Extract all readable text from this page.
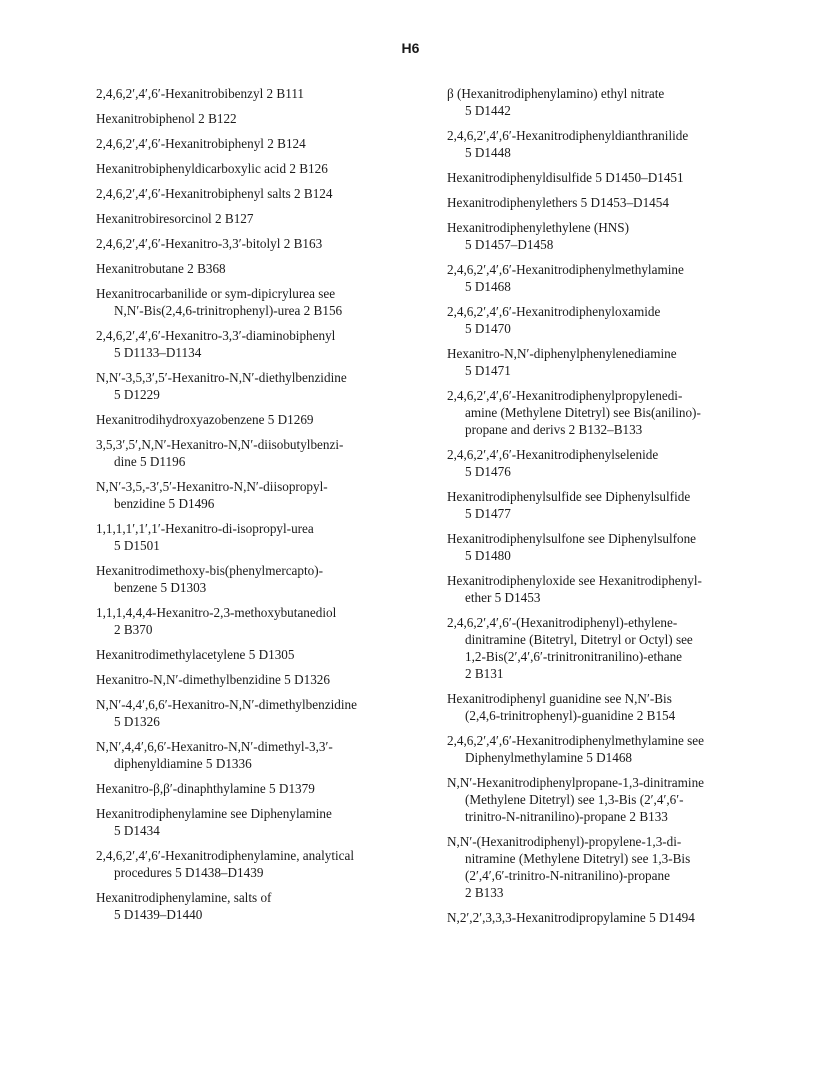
H6
2,4,6,2′,4′,6′-Hexanitrobibenzyl 2 B111
Hexanitrobiphenol 2 B122
2,4,6,2′,4′,6′-Hexanitrobiphenyl 2 B124
Hexanitrobiphenyldicarboxylic acid 2 B126
2,4,6,2′,4′,6′-Hexanitrobiphenyl salts 2 B124
Hexanitrobiresorcinol 2 B127
2,4,6,2′,4′,6′-Hexanitro-3,3′-bitolyl 2 B163
Hexanitrobutane 2 B368
Hexanitrocarbanilide or sym-dipicrylurea see
N,N′-Bis(2,4,6-trinitrophenyl)-urea 2 B156
2,4,6,2′,4′,6′-Hexanitro-3,3′-diaminobiphenyl
5 D1133–D1134
N,N′-3,5,3′,5′-Hexanitro-N,N′-diethylbenzidine
5 D1229
Hexanitrodihydroxyazobenzene 5 D1269
3,5,3′,5′,N,N′-Hexanitro-N,N′-diisobutylbenzi-
dine 5 D1196
N,N′-3,5,-3′,5′-Hexanitro-N,N′-diisopropyl-
benzidine 5 D1496
1,1,1,1′,1′,1′-Hexanitro-di-isopropyl-urea
5 D1501
Hexanitrodimethoxy-bis(phenylmercapto)-
benzene 5 D1303
1,1,1,4,4,4-Hexanitro-2,3-methoxybutanediol
2 B370
Hexanitrodimethylacetylene 5 D1305
Hexanitro-N,N′-dimethylbenzidine 5 D1326
N,N′-4,4′,6,6′-Hexanitro-N,N′-dimethylbenzidine
5 D1326
N,N′,4,4′,6,6′-Hexanitro-N,N′-dimethyl-3,3′-
diphenyldiamine 5 D1336
Hexanitro-β,β′-dinaphthylamine 5 D1379
Hexanitrodiphenylamine see Diphenylamine
5 D1434
2,4,6,2′,4′,6′-Hexanitrodiphenylamine, analytical
procedures 5 D1438–D1439
Hexanitrodiphenylamine, salts of
5 D1439–D1440
β (Hexanitrodiphenylamino) ethyl nitrate
5 D1442
2,4,6,2′,4′,6′-Hexanitrodiphenyldianthranilide
5 D1448
Hexanitrodiphenyldisulfide 5 D1450–D1451
Hexanitrodiphenylethers 5 D1453–D1454
Hexanitrodiphenylethylene (HNS)
5 D1457–D1458
2,4,6,2′,4′,6′-Hexanitrodiphenylmethylamine
5 D1468
2,4,6,2′,4′,6′-Hexanitrodiphenyloxamide
5 D1470
Hexanitro-N,N′-diphenylphenylenediamine
5 D1471
2,4,6,2′,4′,6′-Hexanitrodiphenylpropylenedi-
amine (Methylene Ditetryl) see Bis(anilino)-
propane and derivs 2 B132–B133
2,4,6,2′,4′,6′-Hexanitrodiphenylselenide
5 D1476
Hexanitrodiphenylsulfide see Diphenylsulfide
5 D1477
Hexanitrodiphenylsulfone see Diphenylsulfone
5 D1480
Hexanitrodiphenyloxide see Hexanitrodiphenyl-
ether 5 D1453
2,4,6,2′,4′,6′-(Hexanitrodiphenyl)-ethylene-
dinitramine (Bitetryl, Ditetryl or Octyl) see
1,2-Bis(2′,4′,6′-trinitronitranilino)-ethane
2 B131
Hexanitrodiphenyl guanidine see N,N′-Bis
(2,4,6-trinitrophenyl)-guanidine 2 B154
2,4,6,2′,4′,6′-Hexanitrodiphenylmethylamine see
Diphenylmethylamine 5 D1468
N,N′-Hexanitrodiphenylpropane-1,3-dinitramine
(Methylene Ditetryl) see 1,3-Bis (2′,4′,6′-
trinitro-N-nitranilino)-propane 2 B133
N,N′-(Hexanitrodiphenyl)-propylene-1,3-di-
nitramine (Methylene Ditetryl) see 1,3-Bis
(2′,4′,6′-trinitro-N-nitranilino)-propane
2 B133
N,2′,2′,3,3,3-Hexanitrodipropylamine 5 D1494
